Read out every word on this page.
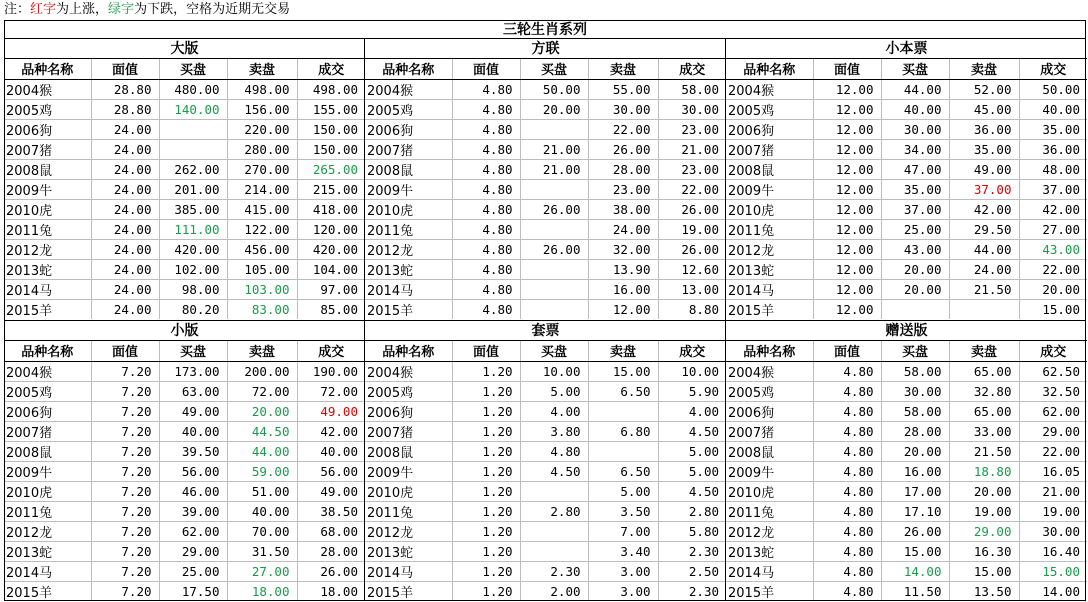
注：红字为上涨，绿字为下跌，空格为近期无交易
三轮生肖系列
大版
品种名称	面值	买盘	卖盘	成交
2004猴	28.80	480.00	498.00	498.00
2005鸡	28.80	140.00	156.00	155.00
2006狗	24.00		220.00	150.00
2007猪	24.00		280.00	150.00
2008鼠	24.00	262.00	270.00	265.00
2009牛	24.00	201.00	214.00	215.00
2010虎	24.00	385.00	415.00	418.00
2011兔	24.00	111.00	122.00	120.00
2012龙	24.00	420.00	456.00	420.00
2013蛇	24.00	102.00	105.00	104.00
2014马	24.00	98.00	103.00	97.00
2015羊	24.00	80.20	83.00	85.00
方联
品种名称	面值	买盘	卖盘	成交
2004猴	4.80	50.00	55.00	58.00
2005鸡	4.80	20.00	30.00	30.00
2006狗	4.80		22.00	23.00
2007猪	4.80	21.00	26.00	21.00
2008鼠	4.80	21.00	28.00	23.00
2009牛	4.80		23.00	22.00
2010虎	4.80	26.00	38.00	26.00
2011兔	4.80		24.00	19.00
2012龙	4.80	26.00	32.00	26.00
2013蛇	4.80		13.90	12.60
2014马	4.80		16.00	13.00
2015羊	4.80		12.00	8.80
小本票
品种名称	面值	买盘	卖盘	成交
2004猴	12.00	44.00	52.00	50.00
2005鸡	12.00	40.00	45.00	40.00
2006狗	12.00	30.00	36.00	35.00
2007猪	12.00	34.00	35.00	36.00
2008鼠	12.00	47.00	49.00	48.00
2009牛	12.00	35.00	37.00	37.00
2010虎	12.00	37.00	42.00	42.00
2011兔	12.00	25.00	29.50	27.00
2012龙	12.00	43.00	44.00	43.00
2013蛇	12.00	20.00	24.00	22.00
2014马	12.00	20.00	21.50	20.00
2015羊	12.00			15.00
小版
品种名称	面值	买盘	卖盘	成交
2004猴	7.20	173.00	200.00	190.00
2005鸡	7.20	63.00	72.00	72.00
2006狗	7.20	49.00	20.00	49.00
2007猪	7.20	40.00	44.50	42.00
2008鼠	7.20	39.50	44.00	40.00
2009牛	7.20	56.00	59.00	56.00
2010虎	7.20	46.00	51.00	49.00
2011兔	7.20	39.00	40.00	38.50
2012龙	7.20	62.00	70.00	68.00
2013蛇	7.20	29.00	31.50	28.00
2014马	7.20	25.00	27.00	26.00
2015羊	7.20	17.50	18.00	18.00
套票
品种名称	面值	买盘	卖盘	成交
2004猴	1.20	10.00	15.00	10.00
2005鸡	1.20	5.00	6.50	5.90
2006狗	1.20	4.00		4.00
2007猪	1.20	3.80	6.80	4.50
2008鼠	1.20	4.80		5.00
2009牛	1.20	4.50	6.50	5.00
2010虎	1.20		5.00	4.50
2011兔	1.20	2.80	3.50	2.80
2012龙	1.20		7.00	5.80
2013蛇	1.20		3.40	2.30
2014马	1.20	2.30	3.00	2.50
2015羊	1.20	2.00	3.00	2.30
赠送版
品种名称	面值	买盘	卖盘	成交
2004猴	4.80	58.00	65.00	62.50
2005鸡	4.80	30.00	32.80	32.50
2006狗	4.80	58.00	65.00	62.00
2007猪	4.80	28.00	33.00	29.00
2008鼠	4.80	20.00	21.50	22.00
2009牛	4.80	16.00	18.80	16.05
2010虎	4.80	17.00	20.00	21.00
2011兔	4.80	17.10	19.00	19.00
2012龙	4.80	26.00	29.00	30.00
2013蛇	4.80	15.00	16.30	16.40
2014马	4.80	14.00	15.00	15.00
2015羊	4.80	11.50	13.50	14.00
